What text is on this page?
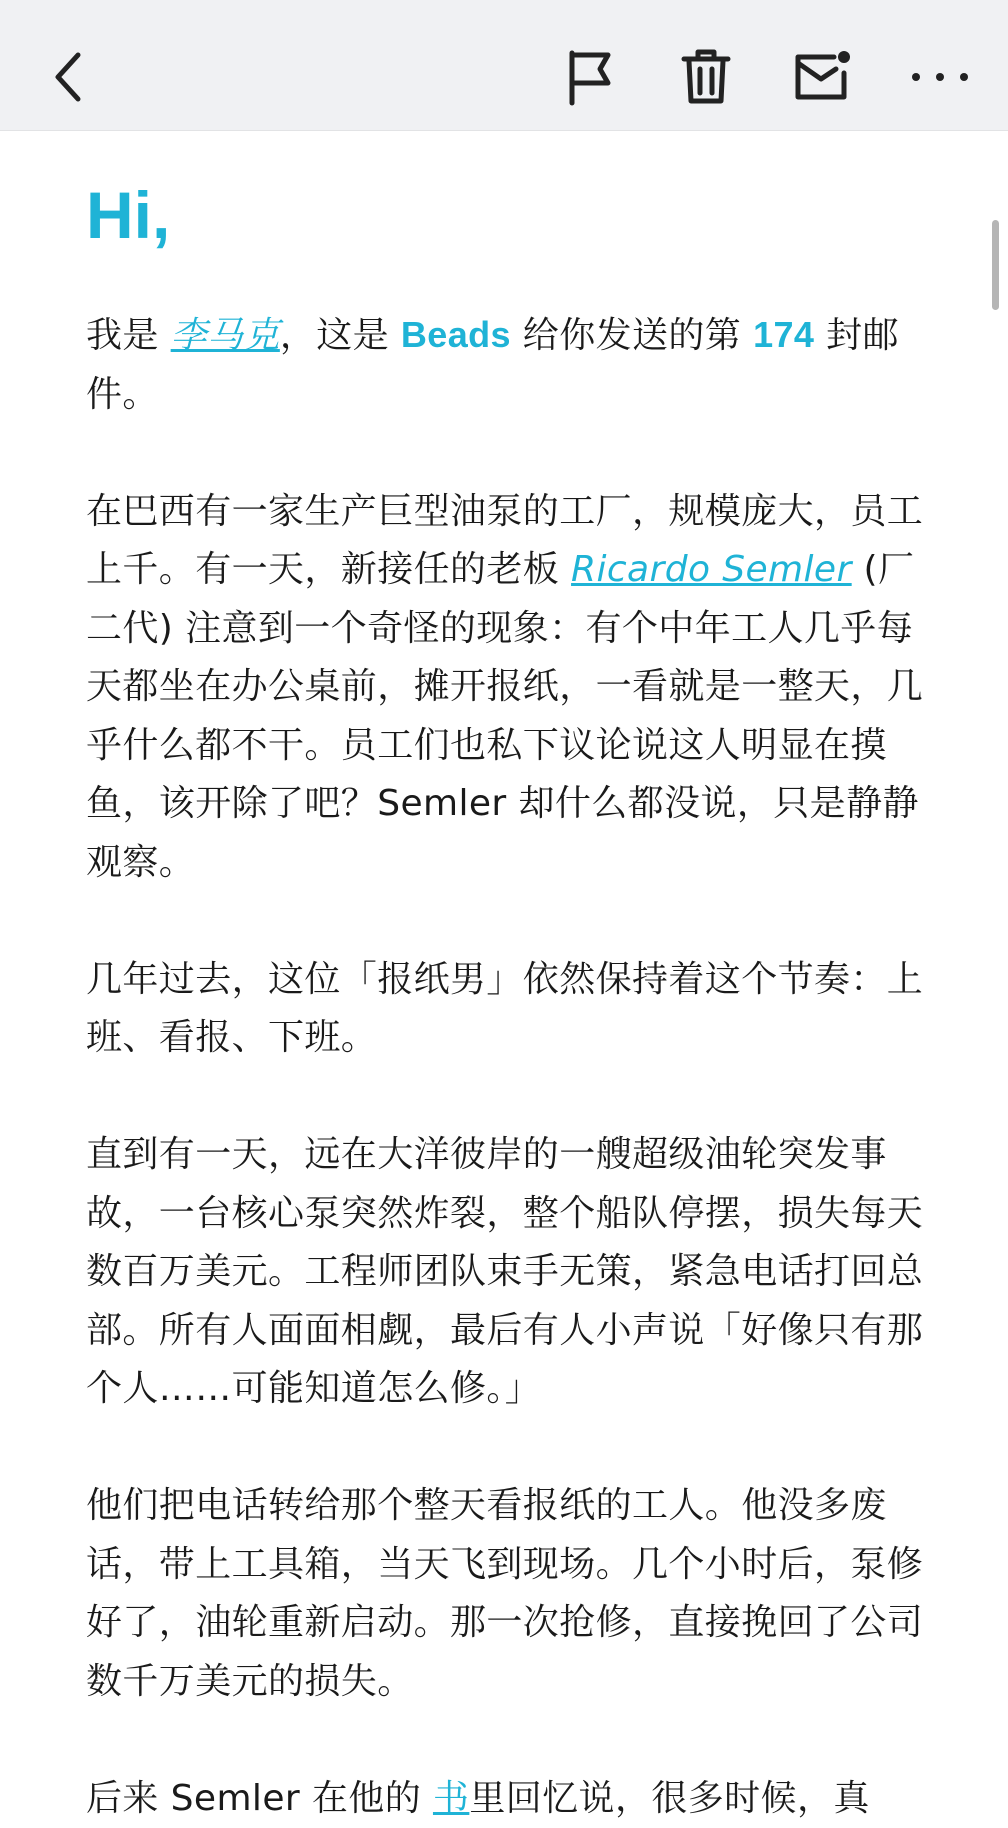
Hi,

我是 李马克，这是 Beads 给你发送的第 174 封邮件。

在巴西有一家生产巨型油泵的工厂，规模庞大，员工上千。有一天，新接任的老板 Ricardo Semler (厂二代) 注意到一个奇怪的现象：有个中年工人几乎每天都坐在办公桌前，摊开报纸，一看就是一整天，几乎什么都不干。员工们也私下议论说这人明显在摸鱼，该开除了吧？Semler 却什么都没说，只是静静观察。

几年过去，这位「报纸男」依然保持着这个节奏：上班、看报、下班。

直到有一天，远在大洋彼岸的一艘超级油轮突发事故，一台核心泵突然炸裂，整个船队停摆，损失每天数百万美元。工程师团队束手无策，紧急电话打回总部。所有人面面相觑，最后有人小声说「好像只有那个人……可能知道怎么修。」

他们把电话转给那个整天看报纸的工人。他没多废话，带上工具箱，当天飞到现场。几个小时后，泵修好了，油轮重新启动。那一次抢修，直接挽回了公司数千万美元的损失。

后来 Semler 在他的 书里回忆说，很多时候，真
